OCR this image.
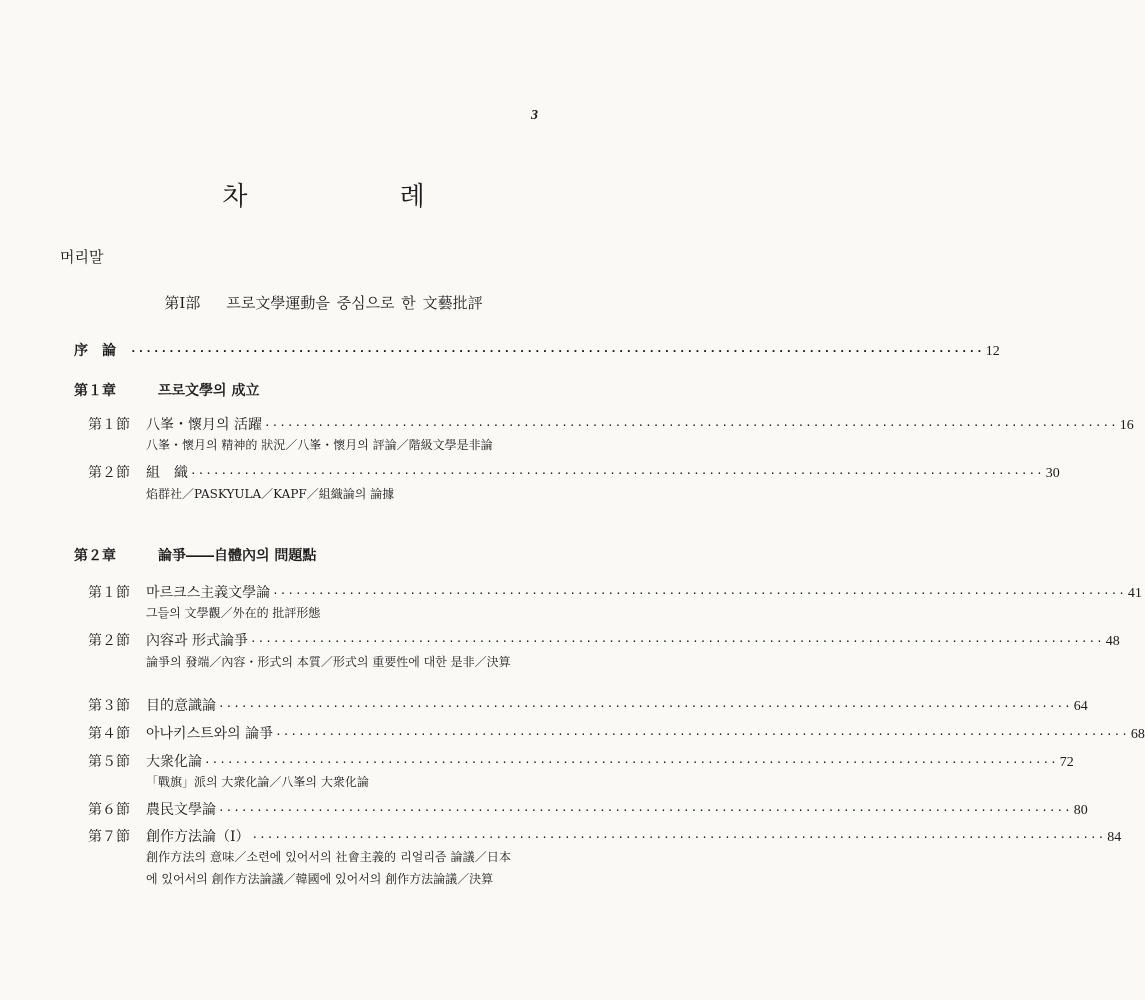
3
차 례
머리말
第Ⅰ部 프로文學運動을 중심으로 한 文藝批評
序　論	················································································································ 12
第１章	프로文學의 成立
第１節	八峯・懷月의 活躍 ················································································································ 16
八峯・懷月의 精神的 狀況／八峯・懷月의 評論／階級文學是非論
第２節	組　織 ················································································································ 30
焰群社／PASKYULA／KAPF／組織論의 論據
第２章	論爭――自體內의 問題點
第１節	마르크스主義文學論 ················································································································ 41
그들의 文學觀／外在的 批評形態
第２節	內容과 形式論爭 ················································································································ 48
論爭의 發端／內容・形式의 本質／形式의 重要性에 대한 是非／決算
第３節	目的意識論 ················································································································ 64
第４節	아나키스트와의 論爭 ················································································································ 68
第５節	大衆化論 ················································································································ 72
「戰旗」派의 大衆化論／八峯의 大衆化論
第６節	農民文學論 ················································································································ 80
第７節	創作方法論（Ⅰ） ················································································································ 84
創作方法의 意味／소련에 있어서의 社會主義的 리얼리즘 論議／日本에 있어서의 創作方法論議／韓國에 있어서의 創作方法論議／決算
